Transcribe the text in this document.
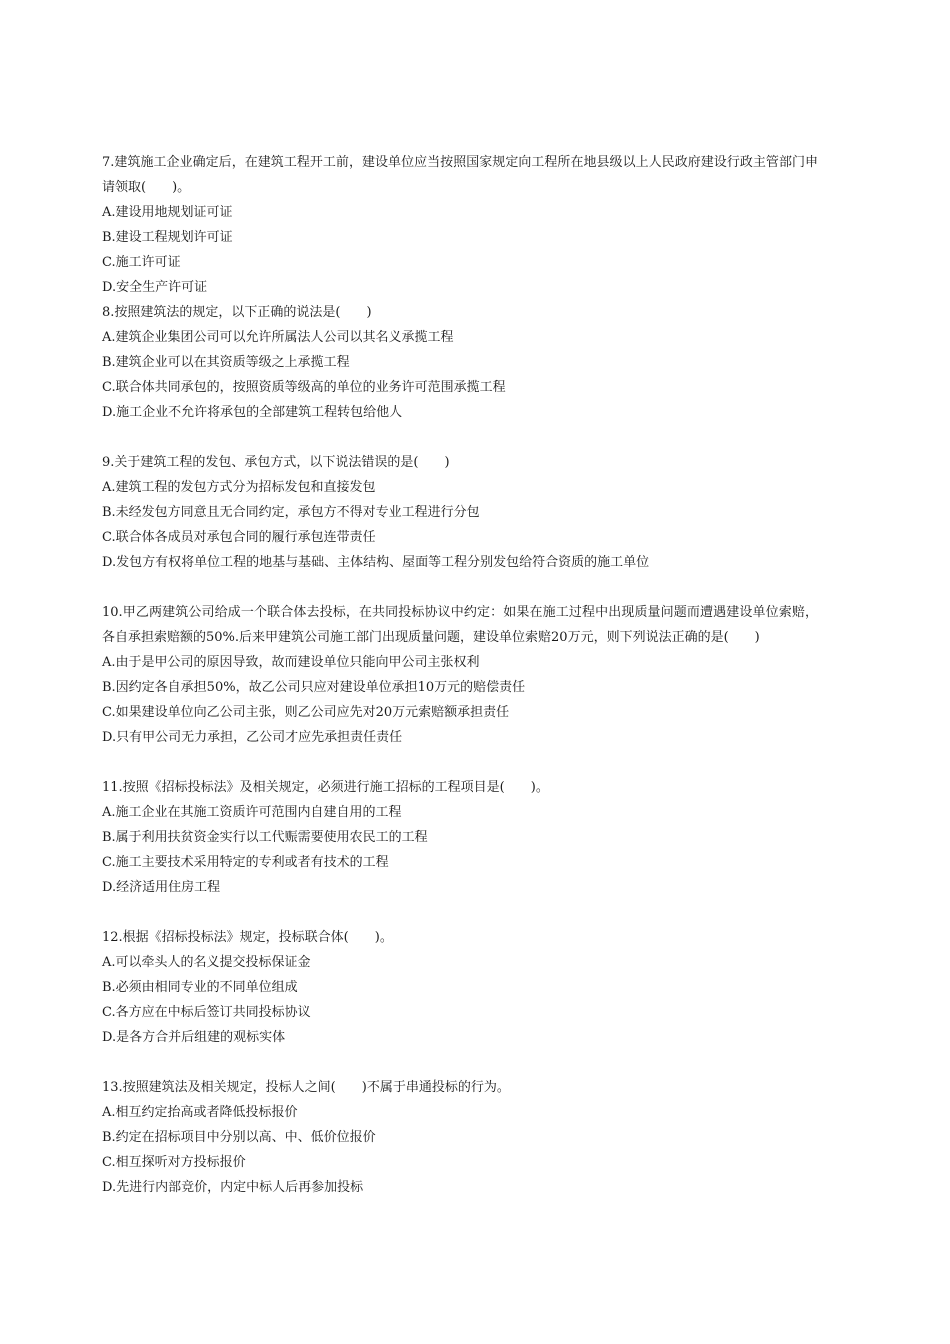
7.建筑施工企业确定后，在建筑工程开工前，建设单位应当按照国家规定向工程所在地县级以上人民政府建设行政主管部门申请领取(　　)。

A.建设用地规划证可证

B.建设工程规划许可证

C.施工许可证

D.安全生产许可证

8.按照建筑法的规定，以下正确的说法是(　　)

A.建筑企业集团公司可以允许所属法人公司以其名义承揽工程

B.建筑企业可以在其资质等级之上承揽工程

C.联合体共同承包的，按照资质等级高的单位的业务许可范围承揽工程

D.施工企业不允许将承包的全部建筑工程转包给他人

9.关于建筑工程的发包、承包方式，以下说法错误的是(　　)

A.建筑工程的发包方式分为招标发包和直接发包

B.未经发包方同意且无合同约定，承包方不得对专业工程进行分包

C.联合体各成员对承包合同的履行承包连带责任

D.发包方有权将单位工程的地基与基础、主体结构、屋面等工程分别发包给符合资质的施工单位

10.甲乙两建筑公司给成一个联合体去投标，在共同投标协议中约定：如果在施工过程中出现质量问题而遭遇建设单位索赔，各自承担索赔额的50%.后来甲建筑公司施工部门出现质量问题，建设单位索赔20万元，则下列说法正确的是(　　)

A.由于是甲公司的原因导致，故而建设单位只能向甲公司主张权利

B.因约定各自承担50%，故乙公司只应对建设单位承担10万元的赔偿责任

C.如果建设单位向乙公司主张，则乙公司应先对20万元索赔额承担责任

D.只有甲公司无力承担，乙公司才应先承担责任责任

11.按照《招标投标法》及相关规定，必须进行施工招标的工程项目是(　　)。

A.施工企业在其施工资质许可范围内自建自用的工程

B.属于利用扶贫资金实行以工代赈需要使用农民工的工程

C.施工主要技术采用特定的专利或者有技术的工程

D.经济适用住房工程

12.根据《招标投标法》规定，投标联合体(　　)。

A.可以牵头人的名义提交投标保证金

B.必须由相同专业的不同单位组成

C.各方应在中标后签订共同投标协议

D.是各方合并后组建的观标实体

13.按照建筑法及相关规定，投标人之间(　　)不属于串通投标的行为。

A.相互约定抬高或者降低投标报价

B.约定在招标项目中分别以高、中、低价位报价

C.相互探听对方投标报价

D.先进行内部竞价，内定中标人后再参加投标
